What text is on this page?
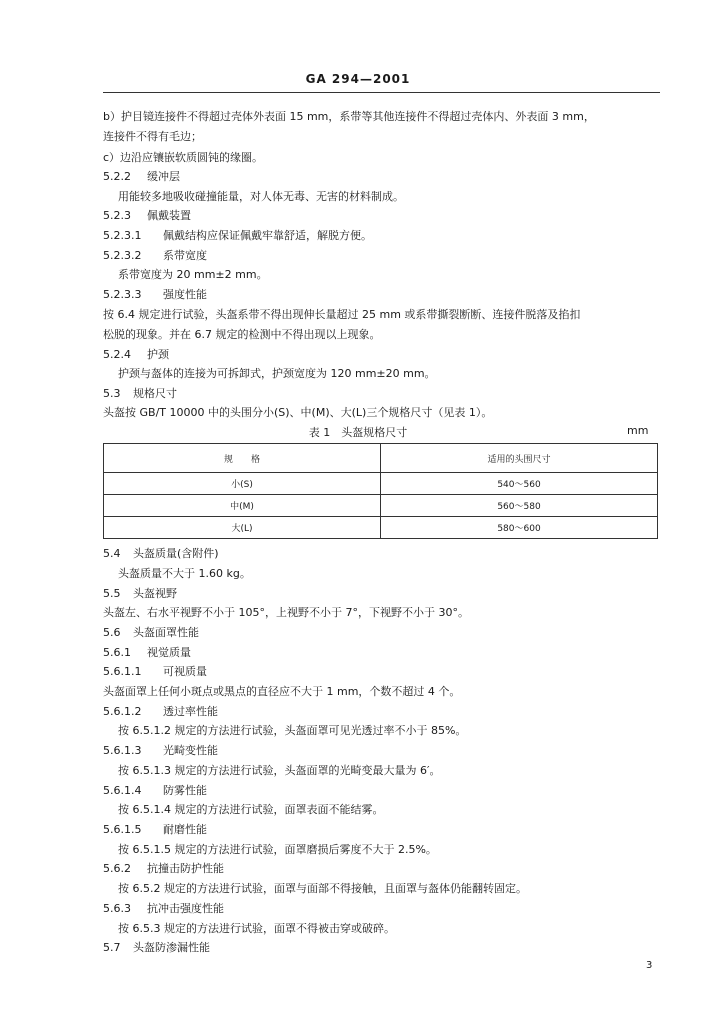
GA 294—2001
b）护目镜连接件不得超过壳体外表面 15 mm，系带等其他连接件不得超过壳体内、外表面 3 mm，
连接件不得有毛边；
c）边沿应镶嵌软质圆钝的缘圈。
5.2.2 缓冲层
用能较多地吸收碰撞能量，对人体无毒、无害的材料制成。
5.2.3 佩戴装置
5.2.3.1 佩戴结构应保证佩戴牢靠舒适，解脱方便。
5.2.3.2 系带宽度
系带宽度为 20 mm±2 mm。
5.2.3.3 强度性能
按 6.4 规定进行试验，头盔系带不得出现伸长量超过 25 mm 或系带撕裂断断、连接件脱落及掐扣
松脱的现象。并在 6.7 规定的检测中不得出现以上现象。
5.2.4 护颈
护颈与盔体的连接为可拆卸式，护颈宽度为 120 mm±20 mm。
5.3 规格尺寸
头盔按 GB/T 10000 中的头围分小(S)、中(M)、大(L)三个规格尺寸（见表 1）。
表 1　头盔规格尺寸	mm
规　　格	适用的头围尺寸
小(S)	540～560
中(M)	560～580
大(L)	580～600
5.4 头盔质量(含附件)
头盔质量不大于 1.60 kg。
5.5 头盔视野
头盔左、右水平视野不小于 105°，上视野不小于 7°，下视野不小于 30°。
5.6 头盔面罩性能
5.6.1 视觉质量
5.6.1.1 可视质量
头盔面罩上任何小斑点或黑点的直径应不大于 1 mm，个数不超过 4 个。
5.6.1.2 透过率性能
按 6.5.1.2 规定的方法进行试验，头盔面罩可见光透过率不小于 85%。
5.6.1.3 光畸变性能
按 6.5.1.3 规定的方法进行试验，头盔面罩的光畸变最大量为 6′。
5.6.1.4 防雾性能
按 6.5.1.4 规定的方法进行试验，面罩表面不能结雾。
5.6.1.5 耐磨性能
按 6.5.1.5 规定的方法进行试验，面罩磨损后雾度不大于 2.5%。
5.6.2 抗撞击防护性能
按 6.5.2 规定的方法进行试验，面罩与面部不得接触，且面罩与盔体仍能翻转固定。
5.6.3 抗冲击强度性能
按 6.5.3 规定的方法进行试验，面罩不得被击穿或破碎。
5.7 头盔防渗漏性能
3
